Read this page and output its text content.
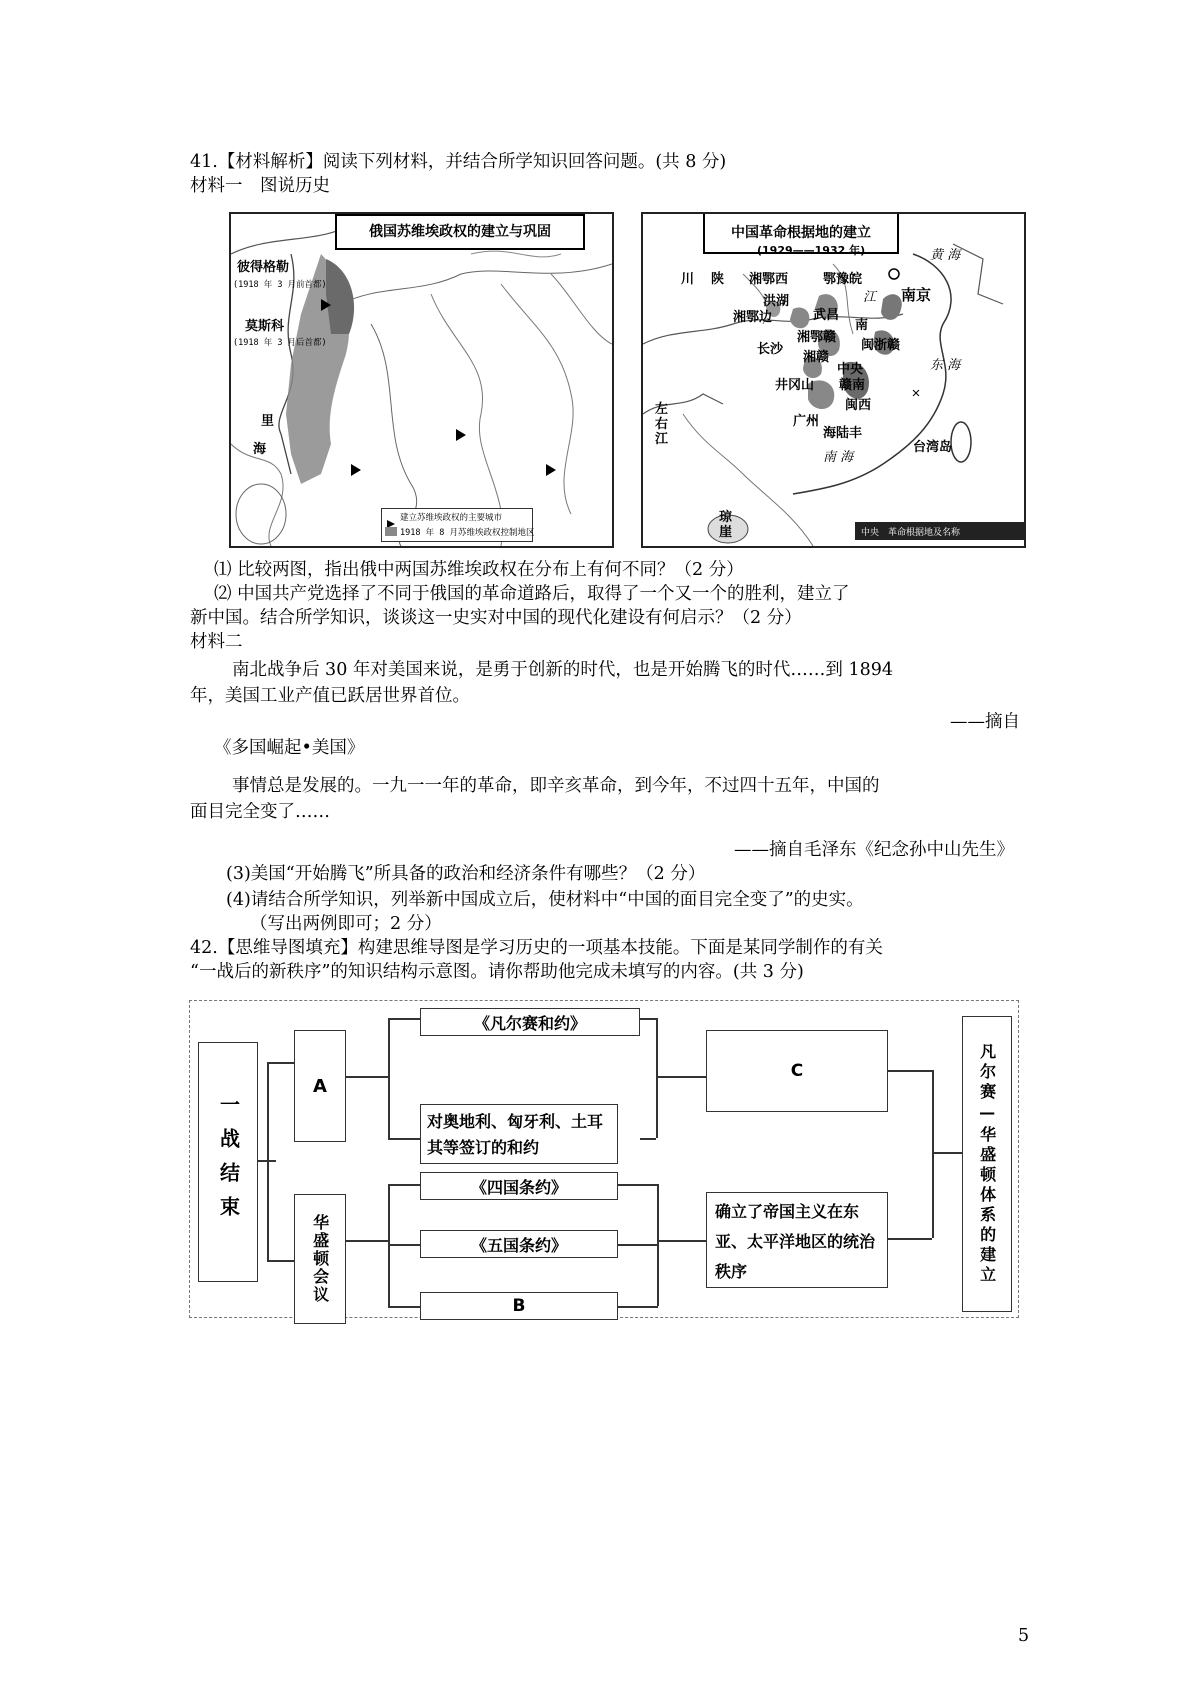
41.【材料解析】阅读下列材料，并结合所学知识回答问题。(共 8 分)
材料一　图说历史
俄国苏维埃政权的建立与巩固
彼得格勒
(1918 年 3 月前首都)
莫斯科
(1918 年 3 月后首都)
里
海
建立苏维埃政权的主要城市
1918 年 8 月苏维埃政权控制地区
中国革命根据地的建立
(1929——1932 年)	黄 海
东 海
南 海
川 陕 湘鄂西	鄂豫皖
洪湖
湘鄂边	武昌
南京
江
湘鄂赣
南
闽浙赣
长沙
湘赣
中央
井冈山 赣南
闽西
广州
海陆丰
台湾岛
左右江
琼崖	中央　革命根据地及名称
⑴ 比较两图，指出俄中两国苏维埃政权在分布上有何不同？（2 分）
⑵ 中国共产党选择了不同于俄国的革命道路后，取得了一个又一个的胜利，建立了
新中国。结合所学知识，谈谈这一史实对中国的现代化建设有何启示？（2 分）
材料二
南北战争后 30 年对美国来说，是勇于创新的时代，也是开始腾飞的时代……到 1894
年，美国工业产值已跃居世界首位。
——摘自
《多国崛起•美国》
事情总是发展的。一九一一年的革命，即辛亥革命，到今年，不过四十五年，中国的
面目完全变了……
——摘自毛泽东《纪念孙中山先生》
(3)美国“开始腾飞”所具备的政治和经济条件有哪些？（2 分）
(4)请结合所学知识，列举新中国成立后，使材料中“中国的面目完全变了”的史实。
（写出两例即可；2 分）
42.【思维导图填充】构建思维导图是学习历史的一项基本技能。下面是某同学制作的有关
“一战后的新秩序”的知识结构示意图。请你帮助他完成未填写的内容。(共 3 分)
一战结束
A
华盛顿会议
《凡尔赛和约》
对奥地利、匈牙利、土耳其等签订的和约
《四国条约》
《五国条约》
B
C
确立了帝国主义在东亚、太平洋地区的统治秩序	凡尔赛—华盛顿体系的建立
5
